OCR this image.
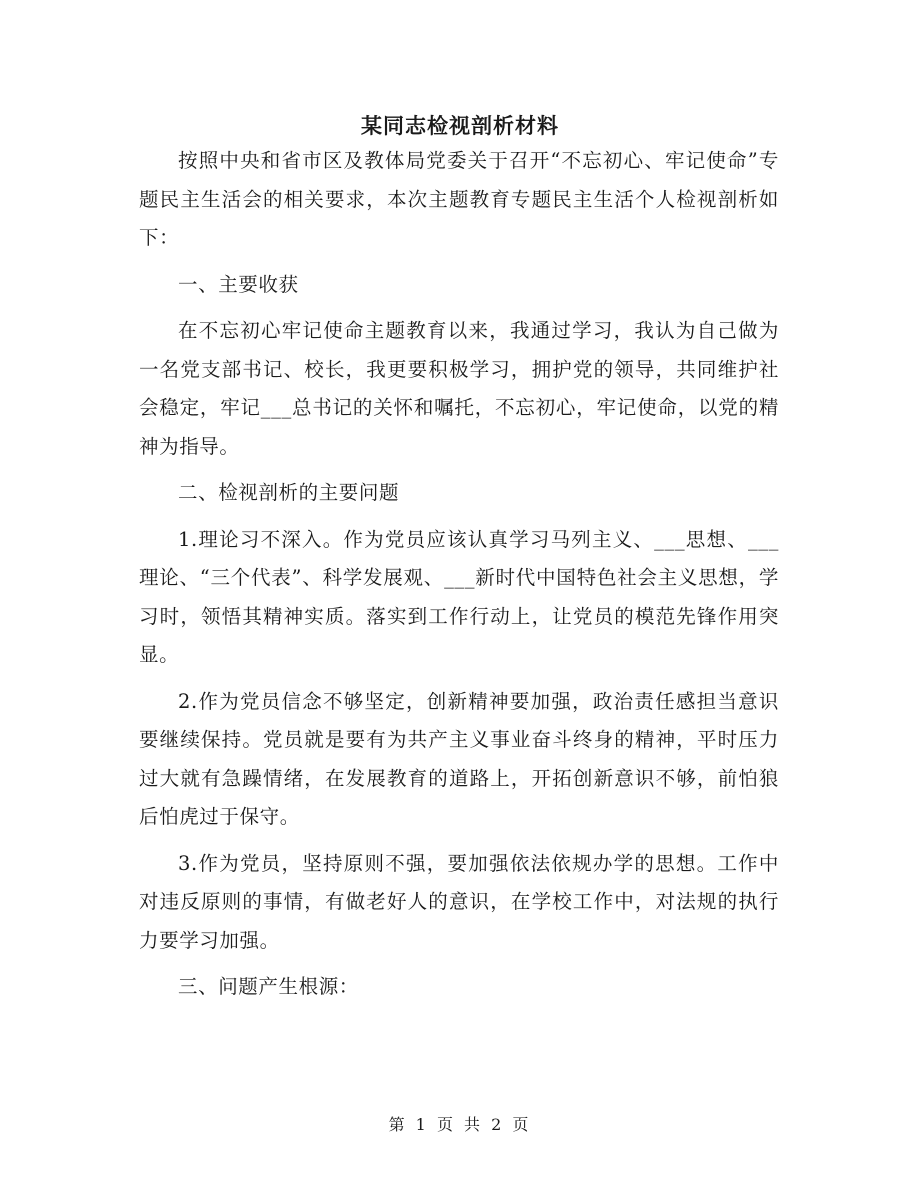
某同志检视剖析材料

按照中央和省市区及教体局党委关于召开“不忘初心、牢记使命”专题民主生活会的相关要求，本次主题教育专题民主生活个人检视剖析如下：

一、主要收获

在不忘初心牢记使命主题教育以来，我通过学习，我认为自己做为一名党支部书记、校长，我更要积极学习，拥护党的领导，共同维护社会稳定，牢记___总书记的关怀和嘱托，不忘初心，牢记使命，以党的精神为指导。

二、检视剖析的主要问题

1.理论习不深入。作为党员应该认真学习马列主义、___思想、___理论、“三个代表”、科学发展观、___新时代中国特色社会主义思想，学习时，领悟其精神实质。落实到工作行动上，让党员的模范先锋作用突显。

2.作为党员信念不够坚定，创新精神要加强，政治责任感担当意识要继续保持。党员就是要有为共产主义事业奋斗终身的精神，平时压力过大就有急躁情绪，在发展教育的道路上，开拓创新意识不够，前怕狼后怕虎过于保守。

3.作为党员，坚持原则不强，要加强依法依规办学的思想。工作中对违反原则的事情，有做老好人的意识，在学校工作中，对法规的执行力要学习加强。

三、问题产生根源：

第 1 页 共 2 页
